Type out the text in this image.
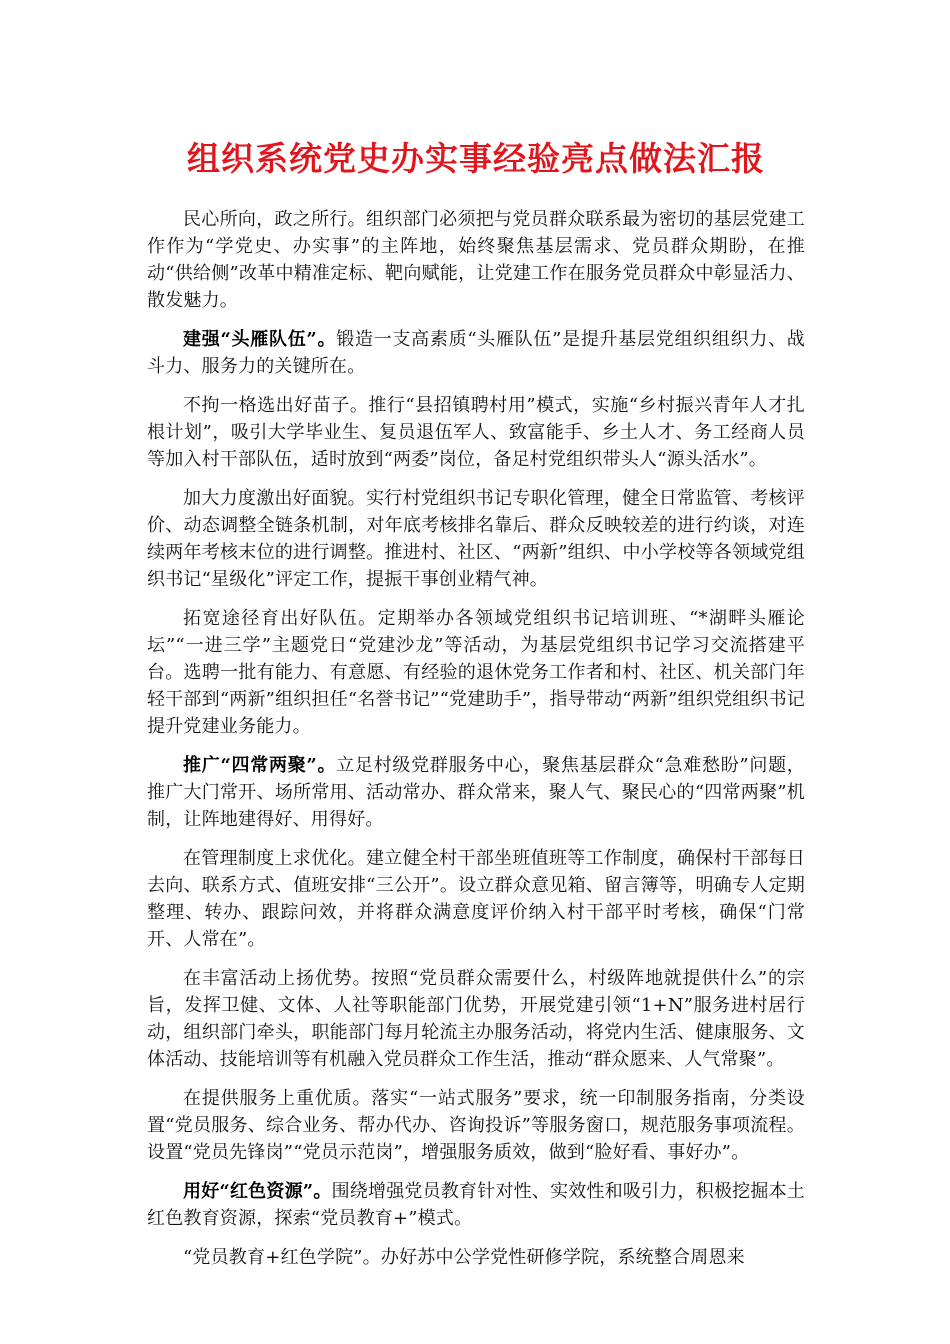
组织系统党史办实事经验亮点做法汇报

民心所向，政之所行。组织部门必须把与党员群众联系最为密切的基层党建工作作为“学党史、办实事”的主阵地，始终聚焦基层需求、党员群众期盼，在推动“供给侧”改革中精准定标、靶向赋能，让党建工作在服务党员群众中彰显活力、散发魅力。

建强“头雁队伍”。锻造一支高素质“头雁队伍”是提升基层党组织组织力、战斗力、服务力的关键所在。

不拘一格选出好苗子。推行“县招镇聘村用”模式，实施“乡村振兴青年人才扎根计划”，吸引大学毕业生、复员退伍军人、致富能手、乡土人才、务工经商人员等加入村干部队伍，适时放到“两委”岗位，备足村党组织带头人“源头活水”。

加大力度激出好面貌。实行村党组织书记专职化管理，健全日常监管、考核评价、动态调整全链条机制，对年底考核排名靠后、群众反映较差的进行约谈，对连续两年考核末位的进行调整。推进村、社区、“两新”组织、中小学校等各领域党组织书记“星级化”评定工作，提振干事创业精气神。

拓宽途径育出好队伍。定期举办各领域党组织书记培训班、“*湖畔头雁论坛”“一进三学”主题党日“党建沙龙”等活动，为基层党组织书记学习交流搭建平台。选聘一批有能力、有意愿、有经验的退休党务工作者和村、社区、机关部门年轻干部到“两新”组织担任“名誉书记”“党建助手”，指导带动“两新”组织党组织书记提升党建业务能力。

推广“四常两聚”。立足村级党群服务中心，聚焦基层群众“急难愁盼”问题，推广大门常开、场所常用、活动常办、群众常来，聚人气、聚民心的“四常两聚”机制，让阵地建得好、用得好。

在管理制度上求优化。建立健全村干部坐班值班等工作制度，确保村干部每日去向、联系方式、值班安排“三公开”。设立群众意见箱、留言簿等，明确专人定期整理、转办、跟踪问效，并将群众满意度评价纳入村干部平时考核，确保“门常开、人常在”。

在丰富活动上扬优势。按照“党员群众需要什么，村级阵地就提供什么”的宗旨，发挥卫健、文体、人社等职能部门优势，开展党建引领“1+N”服务进村居行动，组织部门牵头，职能部门每月轮流主办服务活动，将党内生活、健康服务、文体活动、技能培训等有机融入党员群众工作生活，推动“群众愿来、人气常聚”。

在提供服务上重优质。落实“一站式服务”要求，统一印制服务指南，分类设置“党员服务、综合业务、帮办代办、咨询投诉”等服务窗口，规范服务事项流程。设置“党员先锋岗”“党员示范岗”，增强服务质效，做到“脸好看、事好办”。

用好“红色资源”。围绕增强党员教育针对性、实效性和吸引力，积极挖掘本土红色教育资源，探索“党员教育+”模式。

“党员教育+红色学院”。办好苏中公学党性研修学院，系统整合周恩来
